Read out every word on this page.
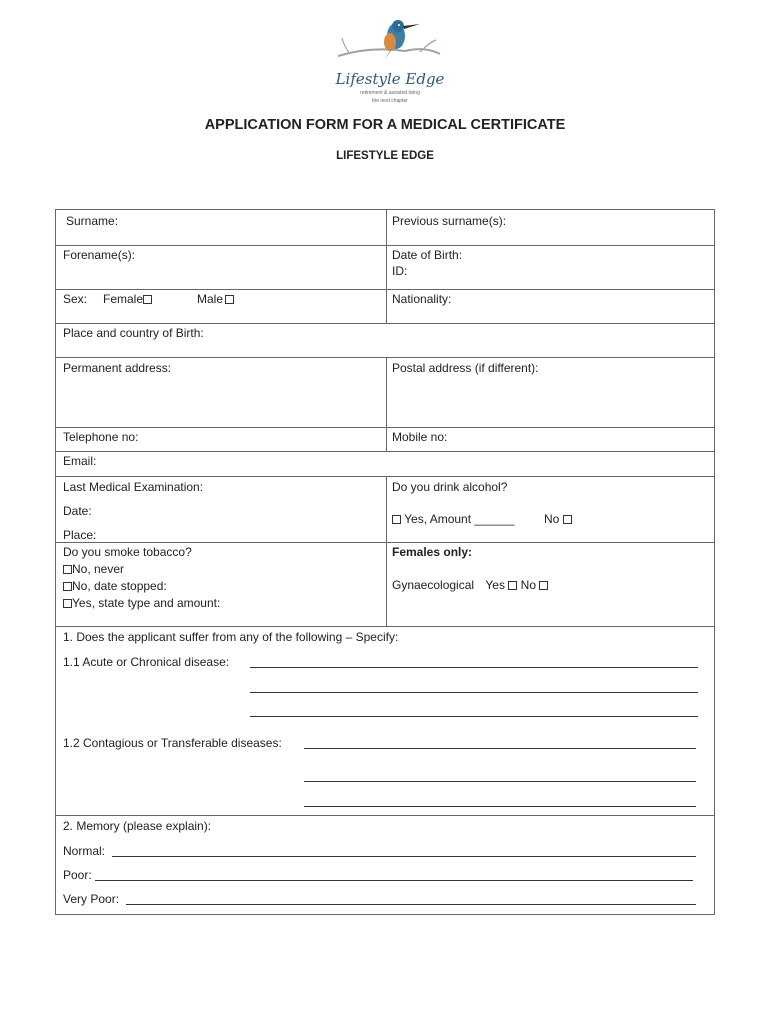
Lifestyle Edge
retirement & assisted living
the next chapter
APPLICATION FORM FOR A MEDICAL CERTIFICATE
LIFESTYLE EDGE
Surname:	Previous surname(s):
Forename(s):	Date of Birth:
ID:
Sex: Female	Male	Nationality:
Place and country of Birth:
Permanent address:	Postal address (if different):
Telephone no:	Mobile no:
Email:
Last Medical Examination:
Date:
Place:
Do you drink alcohol?
Yes, Amount ______ No
Do you smoke tobacco?
No, never
No, date stopped:
Yes, state type and amount:
Females only:
Gynaecological Yes No
1. Does the applicant suffer from any of the following – Specify:
1.1 Acute or Chronical disease:
1.2 Contagious or Transferable diseases:
2. Memory (please explain):
Normal:
Poor:
Very Poor:
